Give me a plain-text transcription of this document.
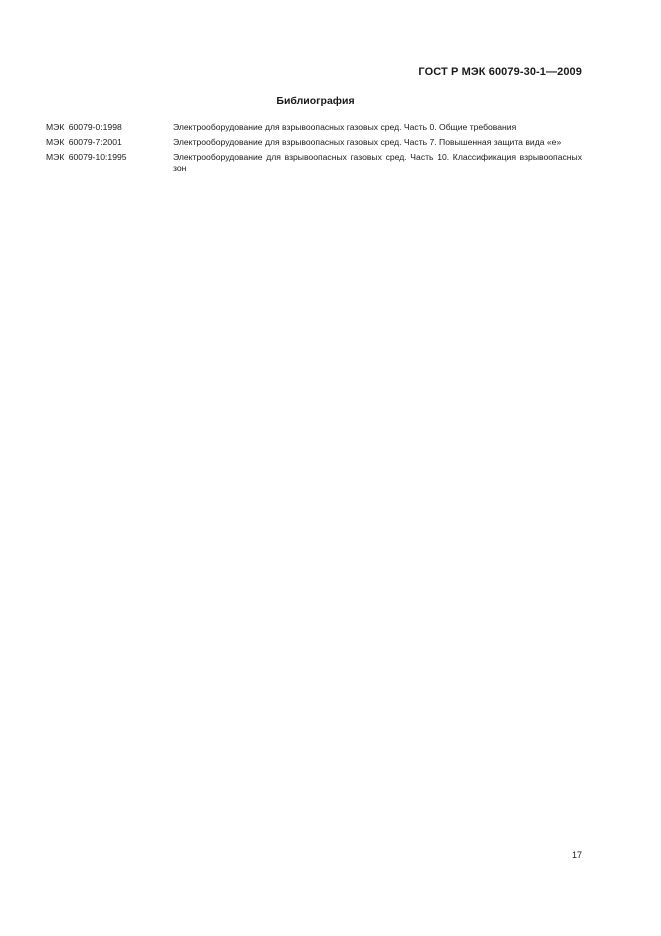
ГОСТ Р МЭК 60079-30-1—2009
Библиография
МЭК 60079-0:1998	Электрооборудование для взрывоопасных газовых сред. Часть 0. Общие требования
МЭК 60079-7:2001	Электрооборудование для взрывоопасных газовых сред. Часть 7. Повышенная защита вида «е»
МЭК 60079-10:1995	Электрооборудование для взрывоопасных газовых сред. Часть 10. Классификация взрывоопасных зон
17
